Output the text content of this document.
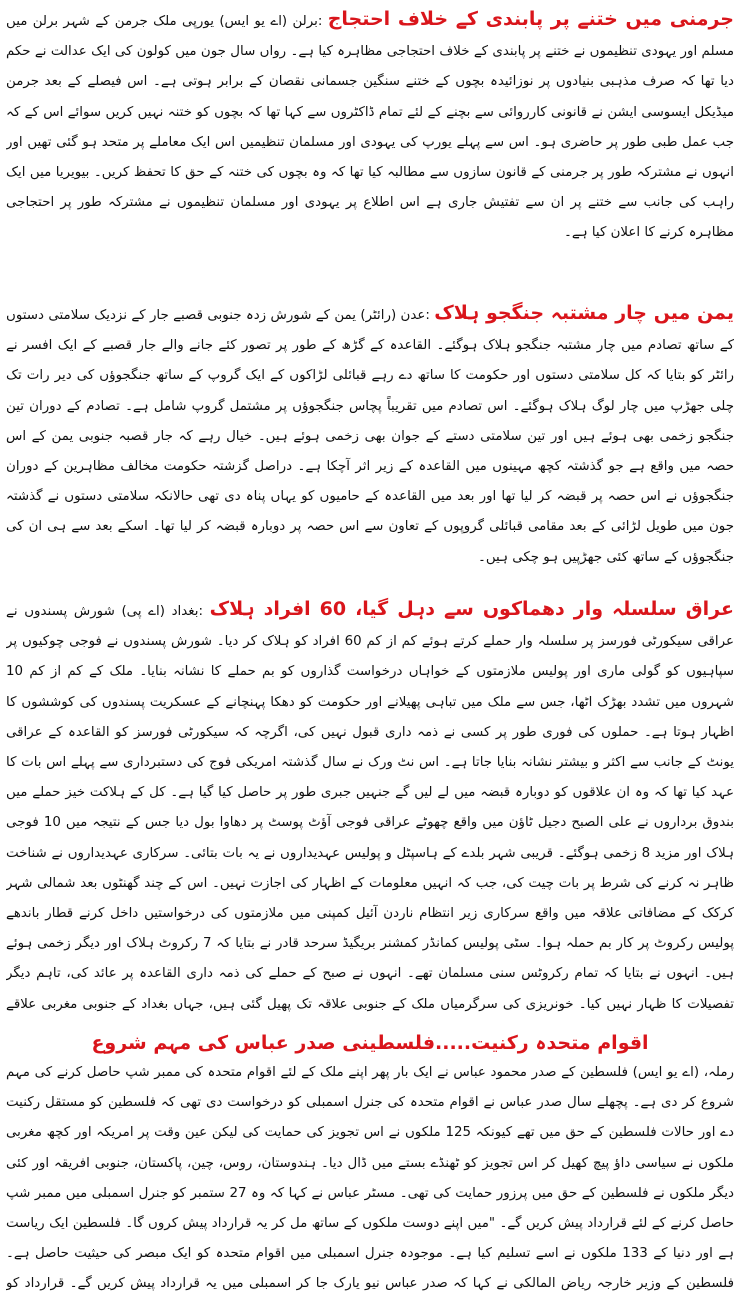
جرمنی میں ختنے پر پابندی کے خلاف احتجاج :برلن (اے یو ایس) یورپی ملک جرمن کے شہر برلن میں مسلم اور یہودی تنظیموں نے ختنے پر پابندی کے خلاف احتجاجی مظاہرہ کیا ہے۔ رواں سال جون میں کولون کی ایک عدالت نے حکم دیا تھا کہ صرف مذہبی بنیادوں پر نوزائیدہ بچوں کے ختنے سنگین جسمانی نقصان کے برابر ہوتی ہے۔ اس فیصلے کے بعد جرمن میڈیکل ایسوسی ایشن نے قانونی کارروائی سے بچنے کے لئے تمام ڈاکٹروں سے کہا تھا کہ بچوں کو ختنہ نہیں کریں سوائے اس کے کہ جب عمل طبی طور پر حاضری ہو۔ اس سے پہلے یورپ کی یہودی اور مسلمان تنظیمیں اس ایک معاملے پر متحد ہو گئی تھیں اور انہوں نے مشترکہ طور پر جرمنی کے قانون سازوں سے مطالبہ کیا تھا کہ وہ بچوں کی ختنہ کے حق کا تحفظ کریں۔ بیویریا میں ایک راہب کی جانب سے ختنے پر ان سے تفتیش جاری ہے اس اطلاع پر یہودی اور مسلمان تنظیموں نے مشترکہ طور پر احتجاجی مظاہرہ کرنے کا اعلان کیا ہے۔

یمن میں چار مشتبہ جنگجو ہلاک :عدن (رائٹر) یمن کے شورش زدہ جنوبی قصبے جار کے نزدیک سلامتی دستوں کے ساتھ تصادم میں چار مشتبہ جنگجو ہلاک ہوگئے۔ القاعدہ کے گڑھ کے طور پر تصور کئے جانے والے جار قصبے کے ایک افسر نے رائٹر کو بتایا کہ کل سلامتی دستوں اور حکومت کا ساتھ دے رہے قبائلی لڑاکوں کے ایک گروپ کے ساتھ جنگجوؤں کی دیر رات تک چلی جھڑپ میں چار لوگ ہلاک ہوگئے۔ اس تصادم میں تقریباً پچاس جنگجوؤں پر مشتمل گروپ شامل ہے۔ تصادم کے دوران تین جنگجو زخمی بھی ہوئے ہیں اور تین سلامتی دستے کے جوان بھی زخمی ہوئے ہیں۔ خیال رہے کہ جار قصبہ جنوبی یمن کے اس حصہ میں واقع ہے جو گذشتہ کچھ مہینوں میں القاعدہ کے زیر اثر آچکا ہے۔ دراصل گزشتہ حکومت مخالف مظاہرین کے دوران جنگجوؤں نے اس حصہ پر قبضہ کر لیا تھا اور بعد میں القاعدہ کے حامیوں کو یہاں پناہ دی تھی حالانکہ سلامتی دستوں نے گذشتہ جون میں طویل لڑائی کے بعد مقامی قبائلی گروپوں کے تعاون سے اس حصہ پر دوبارہ قبضہ کر لیا تھا۔ اسکے بعد سے ہی ان کی جنگجوؤں کے ساتھ کئی جھڑپیں ہو چکی ہیں۔

عراق سلسلہ وار دھماکوں سے دہل گیا، 60 افراد ہلاک :بغداد (اے پی) شورش پسندوں نے عراقی سیکورٹی فورسز پر سلسلہ وار حملے کرتے ہوئے کم از کم 60 افراد کو ہلاک کر دیا۔ شورش پسندوں نے فوجی چوکیوں پر سپاہیوں کو گولی ماری اور پولیس ملازمتوں کے خواہاں درخواست گذاروں کو بم حملے کا نشانہ بنایا۔ ملک کے کم از کم 10 شہروں میں تشدد بھڑک اٹھا، جس سے ملک میں تباہی پھیلانے اور حکومت کو دھکا پہنچانے کے عسکریت پسندوں کی کوششوں کا اظہار ہوتا ہے۔ حملوں کی فوری طور پر کسی نے ذمہ داری قبول نہیں کی، اگرچہ کہ سیکورٹی فورسز کو القاعدہ کے عراقی یونٹ کے جانب سے اکثر و بیشتر نشانہ بنایا جاتا ہے۔ اس نٹ ورک نے سال گذشتہ امریکی فوج کی دستبرداری سے پہلے اس بات کا عہد کیا تھا کہ وہ ان علاقوں کو دوبارہ قبضہ میں لے لیں گے جنہیں جبری طور پر حاصل کیا گیا ہے۔ کل کے ہلاکت خیز حملے میں بندوق برداروں نے علی الصبح دجیل ٹاؤن میں واقع چھوٹے عراقی فوجی آؤٹ پوسٹ پر دھاوا بول دیا جس کے نتیجہ میں 10 فوجی ہلاک اور مزید 8 زخمی ہوگئے۔ قریبی شہر بلدے کے ہاسپٹل و پولیس عہدیداروں نے یہ بات بتائی۔ سرکاری عہدیداروں نے شناخت ظاہر نہ کرنے کی شرط پر بات چیت کی، جب کہ انہیں معلومات کے اظہار کی اجازت نہیں۔ اس کے چند گھنٹوں بعد شمالی شہر کرکک کے مضافاتی علاقہ میں واقع سرکاری زیر انتظام ناردن آئیل کمپنی میں ملازمتوں کی درخواستیں داخل کرنے قطار باندھے پولیس رکروٹ پر کار بم حملہ ہوا۔ سٹی پولیس کمانڈر کمشنر بریگیڈ سرحد قادر نے بتایا کہ 7 رکروٹ ہلاک اور دیگر زخمی ہوئے ہیں۔ انہوں نے بتایا کہ تمام رکروٹس سنی مسلمان تھے۔ انہوں نے صبح کے حملے کی ذمہ داری القاعدہ پر عائد کی، تاہم دیگر تفصیلات کا ظہار نہیں کیا۔ خونریزی کی سرگرمیاں ملک کے جنوبی علاقہ تک پھیل گئی ہیں، جہاں بغداد کے جنوبی مغربی علاقے

اقوام متحدہ رکنیت.....فلسطینی صدر عباس کی مہم شروع

رملہ، (اے یو ایس) فلسطین کے صدر محمود عباس نے ایک بار پھر اپنے ملک کے لئے اقوام متحدہ کی ممبر شپ حاصل کرنے کی مہم شروع کر دی ہے۔ پچھلے سال صدر عباس نے اقوام متحدہ کی جنرل اسمبلی کو درخواست دی تھی کہ فلسطین کو مستقل رکنیت دے اور حالات فلسطین کے حق میں تھے کیونکہ 125 ملکوں نے اس تجویز کی حمایت کی لیکن عین وقت پر امریکہ اور کچھ مغربی ملکوں نے سیاسی داؤ پیچ کھیل کر اس تجویز کو ٹھنڈے بستے میں ڈال دیا۔ ہندوستان، روس، چین، پاکستان، جنوبی افریقہ اور کئی دیگر ملکوں نے فلسطین کے حق میں پرزور حمایت کی تھی۔ مسٹر عباس نے کہا کہ وہ 27 ستمبر کو جنرل اسمبلی میں ممبر شپ حاصل کرنے کے لئے قرارداد پیش کریں گے۔ "میں اپنے دوست ملکوں کے ساتھ مل کر یہ قرارداد پیش کروں گا۔ فلسطین ایک ریاست ہے اور دنیا کے 133 ملکوں نے اسے تسلیم کیا ہے۔ موجودہ جنرل اسمبلی میں اقوام متحدہ کو ایک مبصر کی حیثیت حاصل ہے۔ فلسطین کے وزیر خارجہ ریاض المالکی نے کہا کہ صدر عباس نیو یارک جا کر اسمبلی میں یہ قرارداد پیش کریں گے۔ قرارداد کو
